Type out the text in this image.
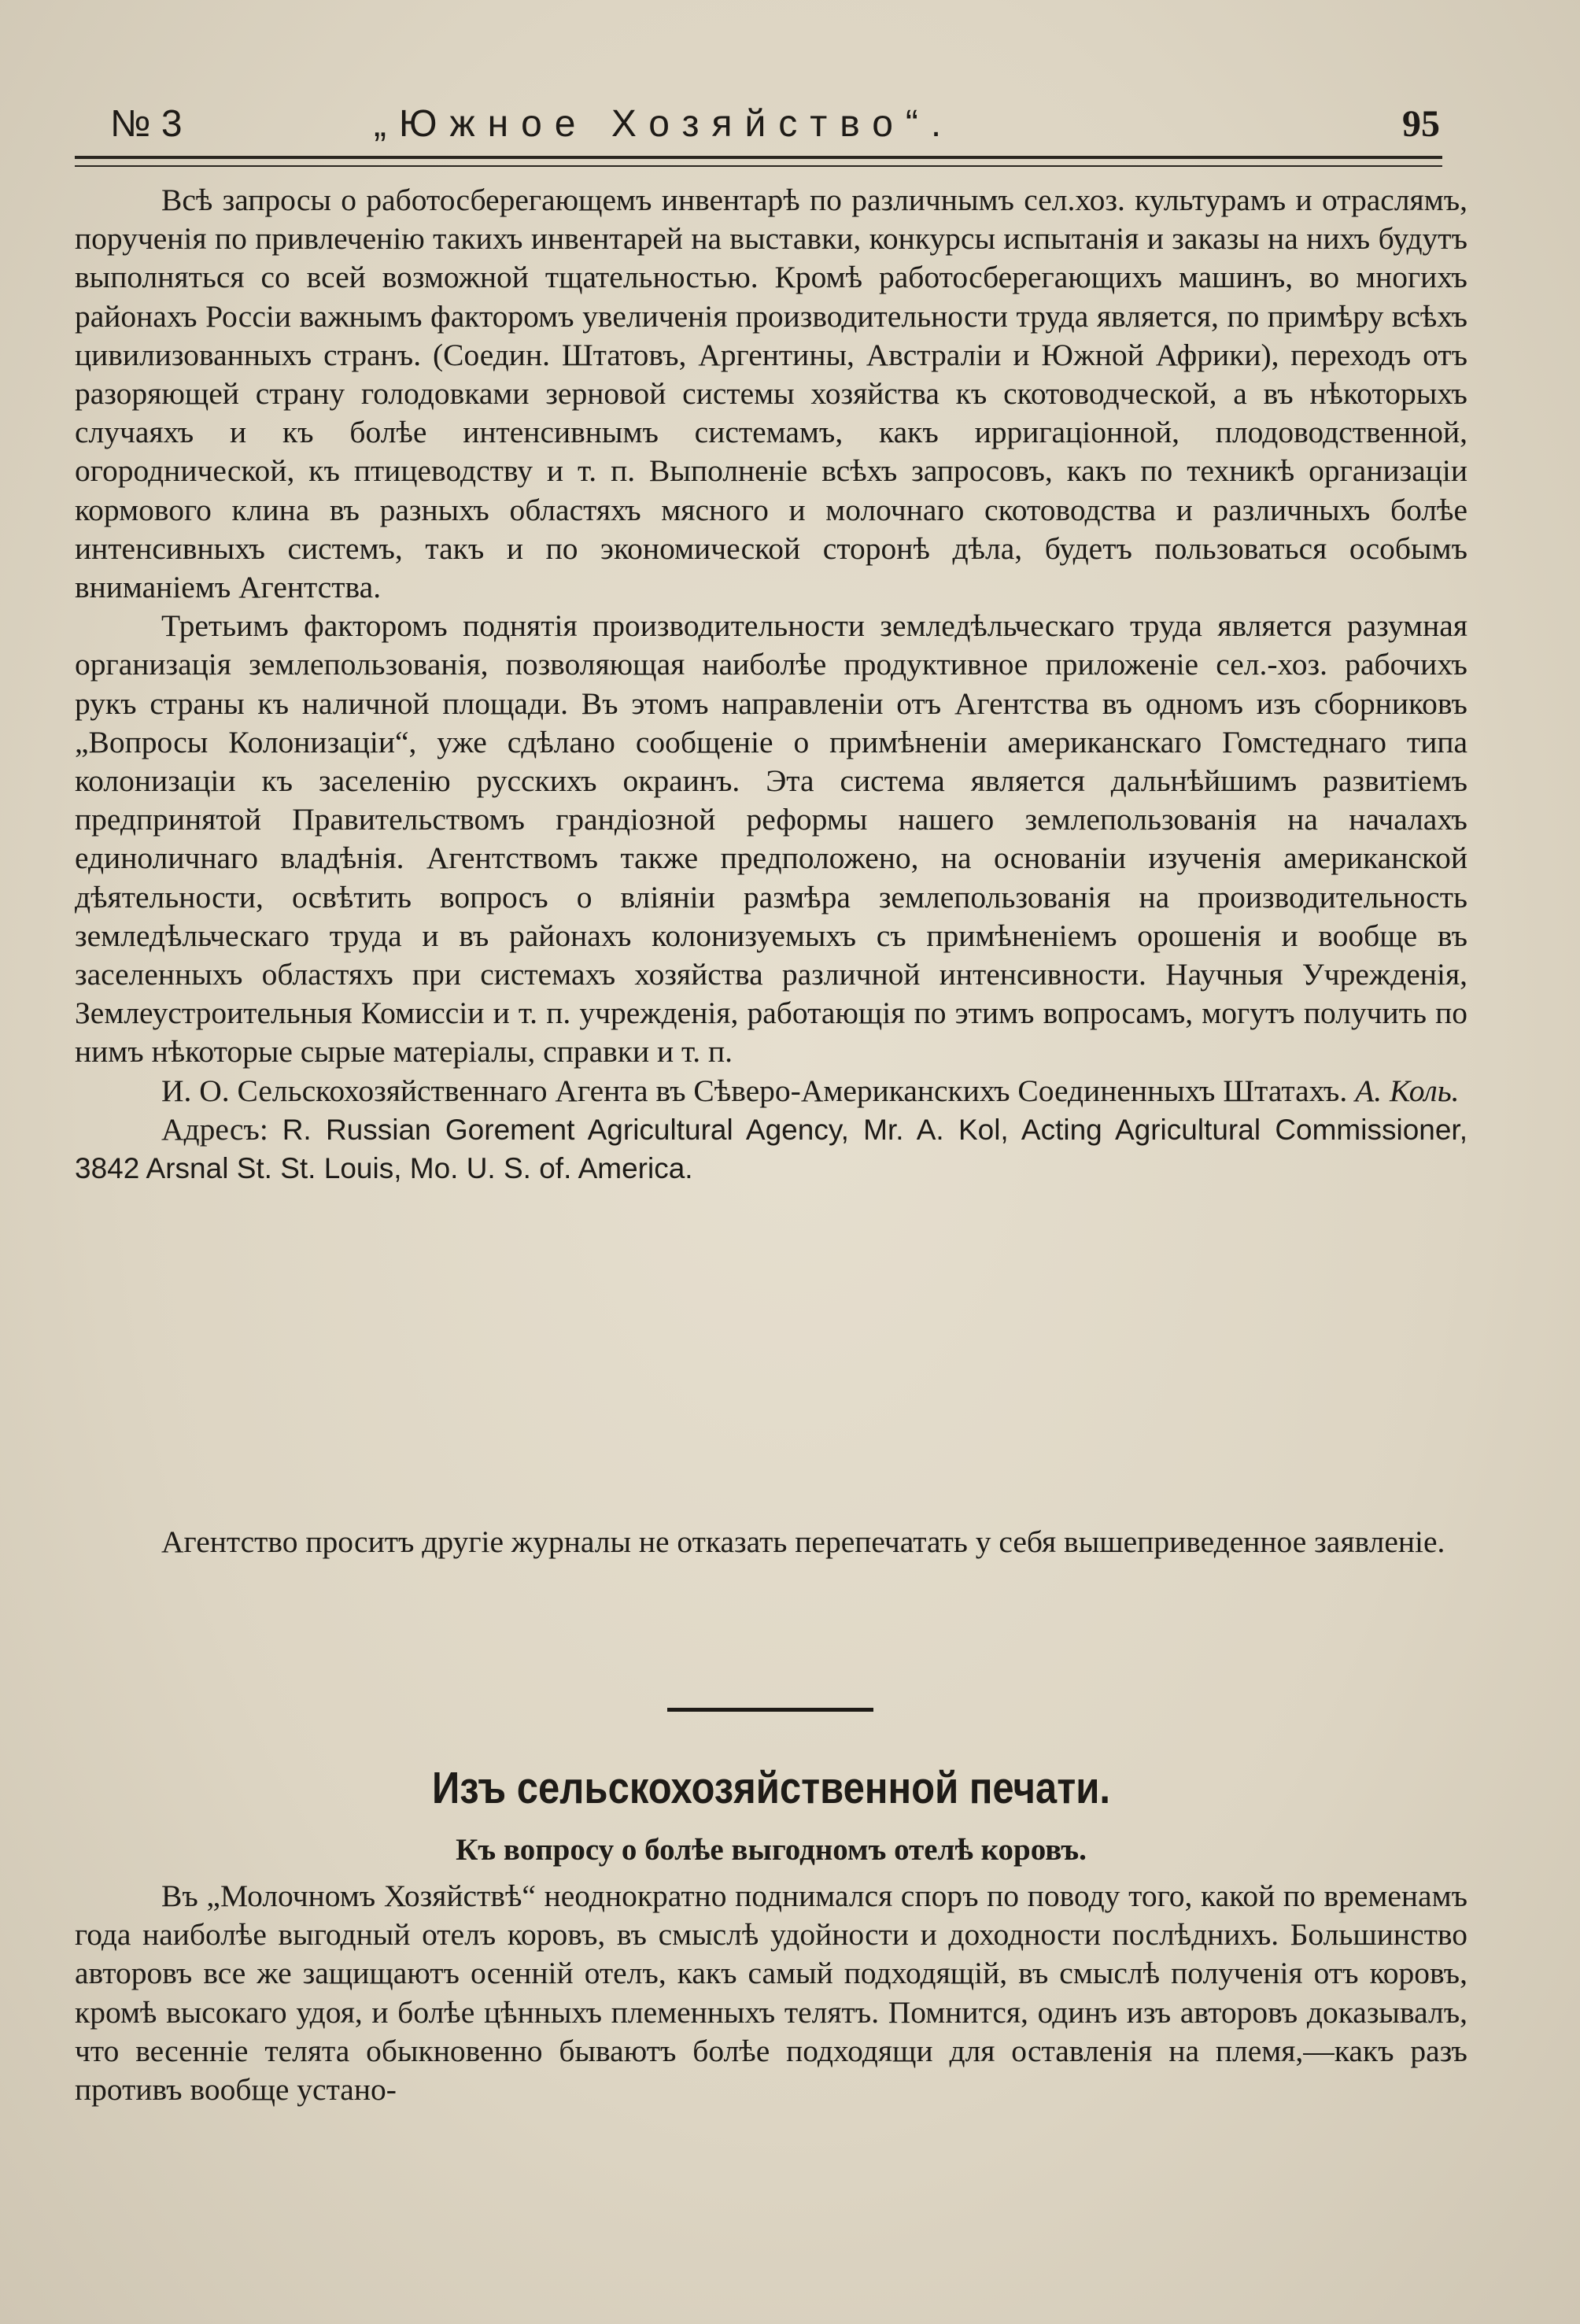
№ 3	„Южное Хозяйство“.	95

Всѣ запросы о работосберегающемъ инвентарѣ по различнымъ сел.хоз. культурамъ и отраслямъ, порученія по привлеченію такихъ инвентарей на выставки, конкурсы испытанія и заказы на нихъ будутъ выполняться со всей возможной тщательностью. Кромѣ работосберегающихъ машинъ, во многихъ районахъ Россіи важнымъ факторомъ увеличенія производительности труда является, по примѣру всѣхъ цивилизованныхъ странъ. (Соедин. Штатовъ, Аргентины, Австраліи и Южной Африки), переходъ отъ разоряющей страну голодовками зерновой системы хозяйства къ скотоводческой, а въ нѣкоторыхъ случаяхъ и къ болѣе интенсивнымъ системамъ, какъ ирригаціонной, плодоводственной, огороднической, къ птицеводству и т. п. Выполненіе всѣхъ запросовъ, какъ по техникѣ организаціи кормового клина въ разныхъ областяхъ мясного и молочнаго скотоводства и различныхъ болѣе интенсивныхъ системъ, такъ и по экономической сторонѣ дѣла, будетъ пользоваться особымъ вниманіемъ Агентства.

Третьимъ факторомъ поднятія производительности земледѣльческаго труда является разумная организація землепользованія, позволяющая наиболѣе продуктивное приложеніе сел.-хоз. рабочихъ рукъ страны къ наличной площади. Въ этомъ направленіи отъ Агентства въ одномъ изъ сборниковъ „Вопросы Колонизаціи“, уже сдѣлано сообщеніе о примѣненіи американскаго Гомстеднаго типа колонизаціи къ заселенію русскихъ окраинъ. Эта система является дальнѣйшимъ развитіемъ предпринятой Правительствомъ грандіозной реформы нашего землепользованія на началахъ единоличнаго владѣнія. Агентствомъ также предположено, на основаніи изученія американской дѣятельности, освѣтить вопросъ о вліяніи размѣра землепользованія на производительность земледѣльческаго труда и въ районахъ колонизуемыхъ съ примѣненіемъ орошенія и вообще въ заселенныхъ областяхъ при системахъ хозяйства различной интенсивности. Научныя Учрежденія, Землеустроительныя Комиссіи и т. п. учрежденія, работающія по этимъ вопросамъ, могутъ получить по нимъ нѣкоторые сырые матеріалы, справки и т. п.

И. О. Сельскохозяйственнаго Агента въ Сѣверо-Американскихъ Соединенныхъ Штатахъ. А. Коль.

Адресъ: R. Russian Gorement Agricultural Agency, Mr. A. Kol, Acting Agricultural Commissioner, 3842 Arsnal St. St. Louis, Mo. U. S. of. America.

Агентство проситъ другіе журналы не отказать перепечатать у себя вышеприведенное заявленіе.

Изъ сельскохозяйственной печати.
Къ вопросу о болѣе выгодномъ отелѣ коровъ.

Въ „Молочномъ Хозяйствѣ“ неоднократно поднимался споръ по поводу того, какой по временамъ года наиболѣе выгодный отелъ коровъ, въ смыслѣ удойности и доходности послѣднихъ. Большинство авторовъ все же защищаютъ осенній отелъ, какъ самый подходящій, въ смыслѣ полученія отъ коровъ, кромѣ высокаго удоя, и болѣе цѣнныхъ племенныхъ телятъ. Помнится, одинъ изъ авторовъ доказывалъ, что весенніе телята обыкновенно бываютъ болѣе подходящи для оставленія на племя,—какъ разъ противъ вообще устано-
